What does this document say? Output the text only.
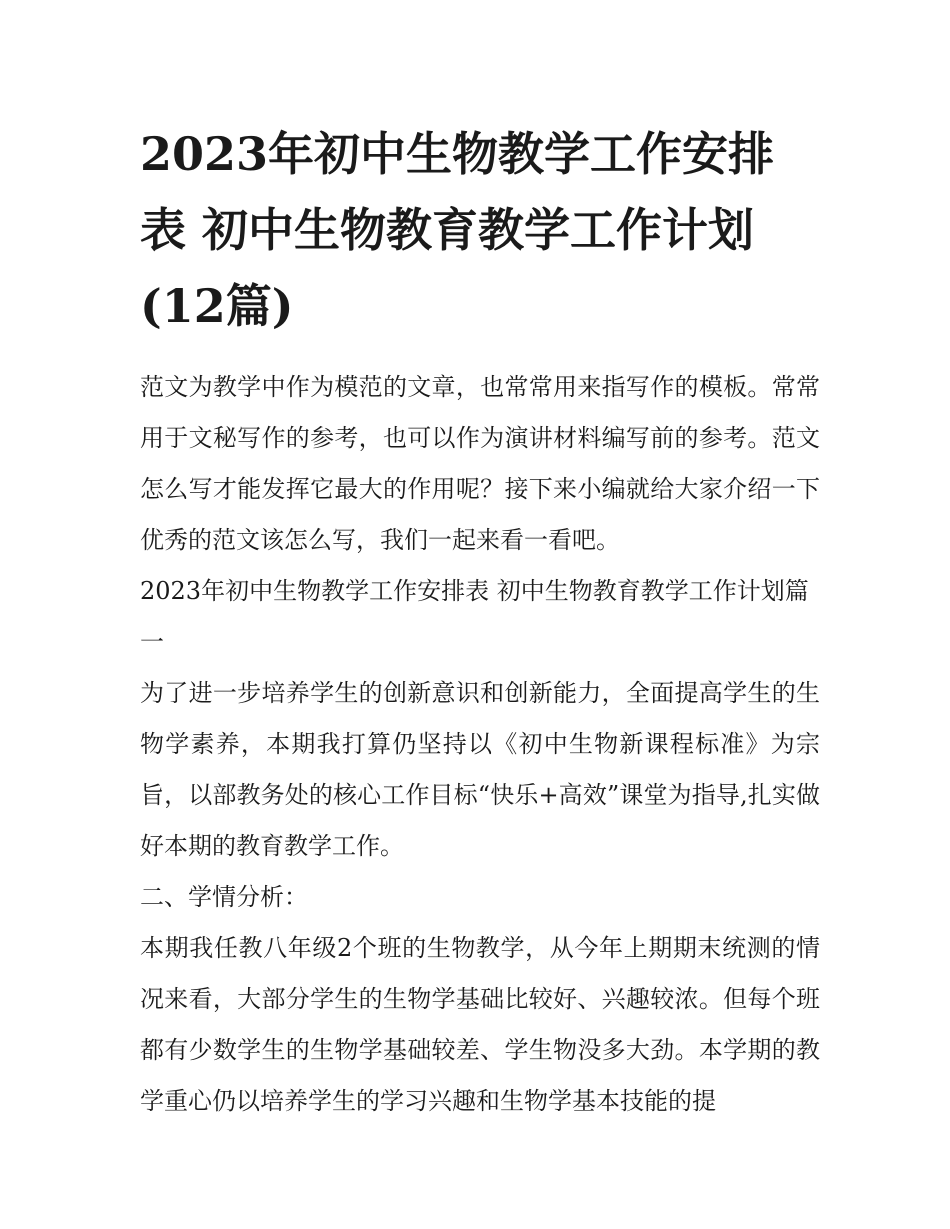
2023年初中生物教学工作安排表 初中生物教育教学工作计划(12篇)

范文为教学中作为模范的文章，也常常用来指写作的模板。常常用于文秘写作的参考，也可以作为演讲材料编写前的参考。范文怎么写才能发挥它最大的作用呢？接下来小编就给大家介绍一下优秀的范文该怎么写，我们一起来看一看吧。

2023年初中生物教学工作安排表 初中生物教育教学工作计划篇一

为了进一步培养学生的创新意识和创新能力，全面提高学生的生物学素养，本期我打算仍坚持以《初中生物新课程标准》为宗旨，以部教务处的核心工作目标“快乐+高效”课堂为指导,扎实做好本期的教育教学工作。

二、学情分析：

本期我任教八年级2个班的生物教学，从今年上期期末统测的情况来看，大部分学生的生物学基础比较好、兴趣较浓。但每个班都有少数学生的生物学基础较差、学生物没多大劲。本学期的教学重心仍以培养学生的学习兴趣和生物学基本技能的提
